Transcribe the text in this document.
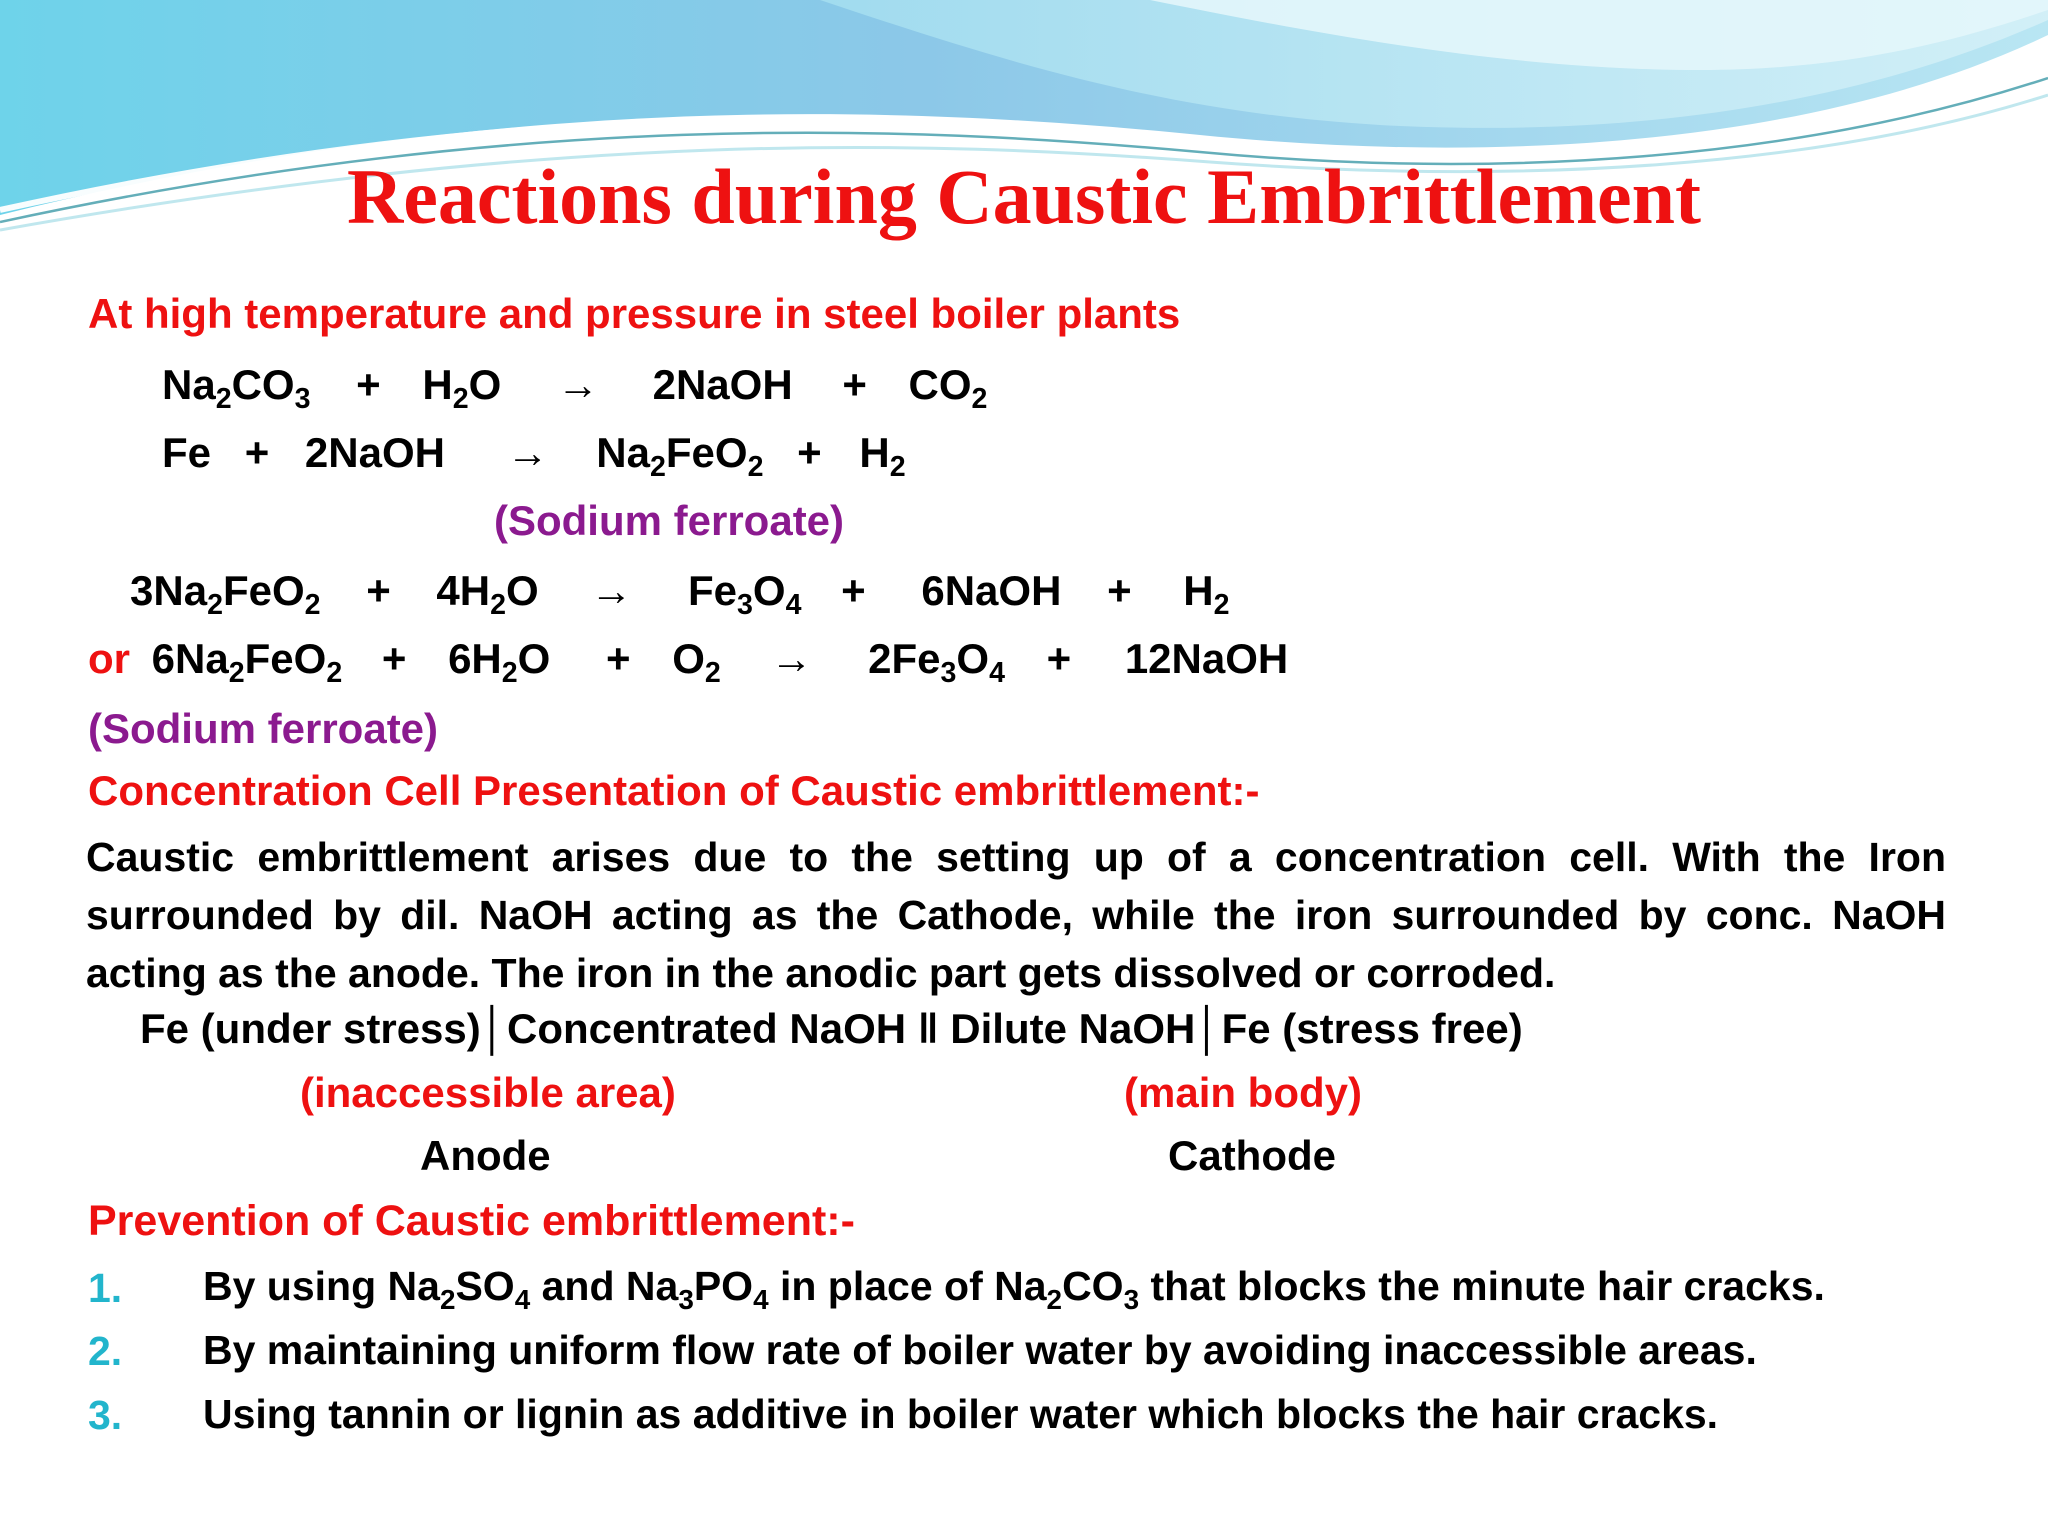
Reactions during Caustic Embrittlement
At high temperature and pressure in steel boiler plants
$Na_2CO_3 + H_2O$ → 2NaOH + $CO_2$
Fe + 2NaOH → $Na_2FeO_2 + H_2$
(Sodium ferroate)
$3Na_2FeO_2 + 4H_2O \to Fe_3O_4$ + 6NaOH + $H_2$
or $6Na_2FeO_2 + 6H_2O + O_2 \to 2Fe_3O_4$ + 12NaOH
(Sodium ferroate)
Concentration Cell Presentation of Caustic embrittlement:-
Caustic embrittlement arises due to the setting up of a concentration cell. With the Iron surrounded by dil. NaOH acting as the Cathode, while the iron surrounded by conc. NaOH acting as the anode. The iron in the anodic part gets dissolved or corroded.
Fe (under stress)│Concentrated NaOH ǁ Dilute NaOH│Fe (stress free)
(inaccessible area)	(main body)
Anode	Cathode
Prevention of Caustic embrittlement:-
1. By using $Na_2SO_4$ and $Na_3PO_4$ in place of $Na_2CO_3$ that blocks the minute hair cracks.
2. By maintaining uniform flow rate of boiler water by avoiding inaccessible areas.
3. Using tannin or lignin as additive in boiler water which blocks the hair cracks.
